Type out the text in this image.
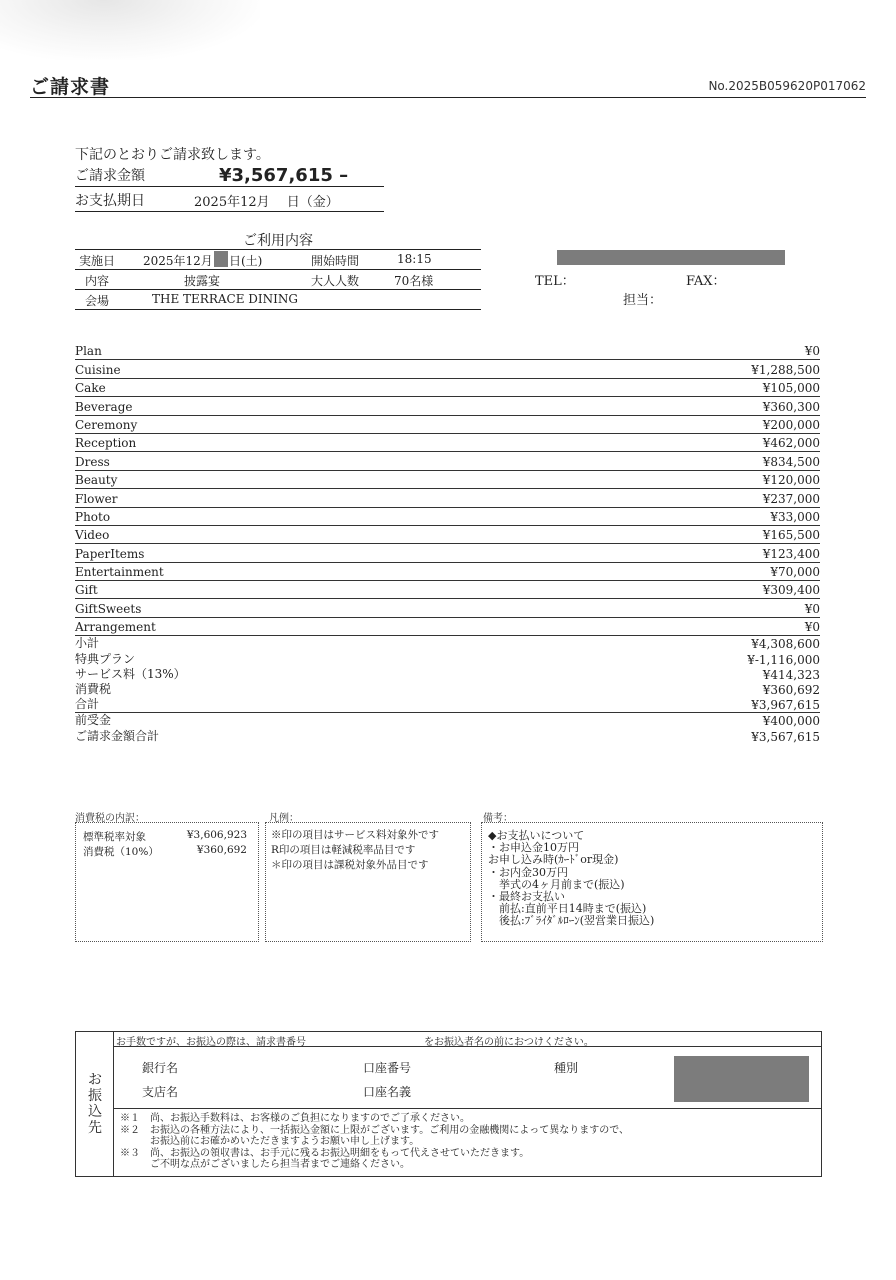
ご請求書	No.2025B059620P017062
下記のとおりご請求致します。
ご請求金額	¥3,567,615 –
お支払期日	2025年12月　 日（金）
ご利用内容
実施日 2025年12月 日(土)	開始時間	18:15
内容	披露宴	大人人数	70名様
会場	THE TERRACE DINING
TEL：	FAX：
担当：
Plan	¥0
Cuisine	¥1,288,500
Cake	¥105,000
Beverage	¥360,300
Ceremony	¥200,000
Reception	¥462,000
Dress	¥834,500
Beauty	¥120,000
Flower	¥237,000
Photo	¥33,000
Video	¥165,500
PaperItems	¥123,400
Entertainment	¥70,000
Gift	¥309,400
GiftSweets	¥0
Arrangement	¥0
小計	¥4,308,600
特典プラン	¥-1,116,000
サービス料（13%）	¥414,323
消費税	¥360,692
合計	¥3,967,615
前受金	¥400,000
ご請求金額合計	¥3,567,615
消費税の内訳：
標準税率対象	¥3,606,923
消費税（10%）	¥360,692
凡例：
※印の項目はサービス料対象外です
R印の項目は軽減税率品目です
＊印の項目は課税対象外品目です
備考：
◆お支払いについて
・お申込金10万円
お申し込み時(ｶｰﾄﾞor現金)
・お内金30万円
　挙式の4ヶ月前まで(振込)
・最終お支払い
　前払:直前平日14時まで(振込)
　後払:ﾌﾞﾗｲﾀﾞﾙﾛｰﾝ(翌営業日振込)
お
振
込
先
お手数ですが、お振込の際は、請求書番号	をお振込者名の前におつけください。
銀行名	口座番号	種別
支店名	口座名義
※１　尚、お振込手数料は、お客様のご負担になりますのでご了承ください。
※２　お振込の各種方法により、一括振込金額に上限がございます。ご利用の金融機関によって異なりますので、
　　　お振込前にお確かめいただきますようお願い申し上げます。
※３　尚、お振込の領収書は、お手元に残るお振込明細をもって代えさせていただきます。
　　　ご不明な点がございましたら担当者までご連絡ください。
